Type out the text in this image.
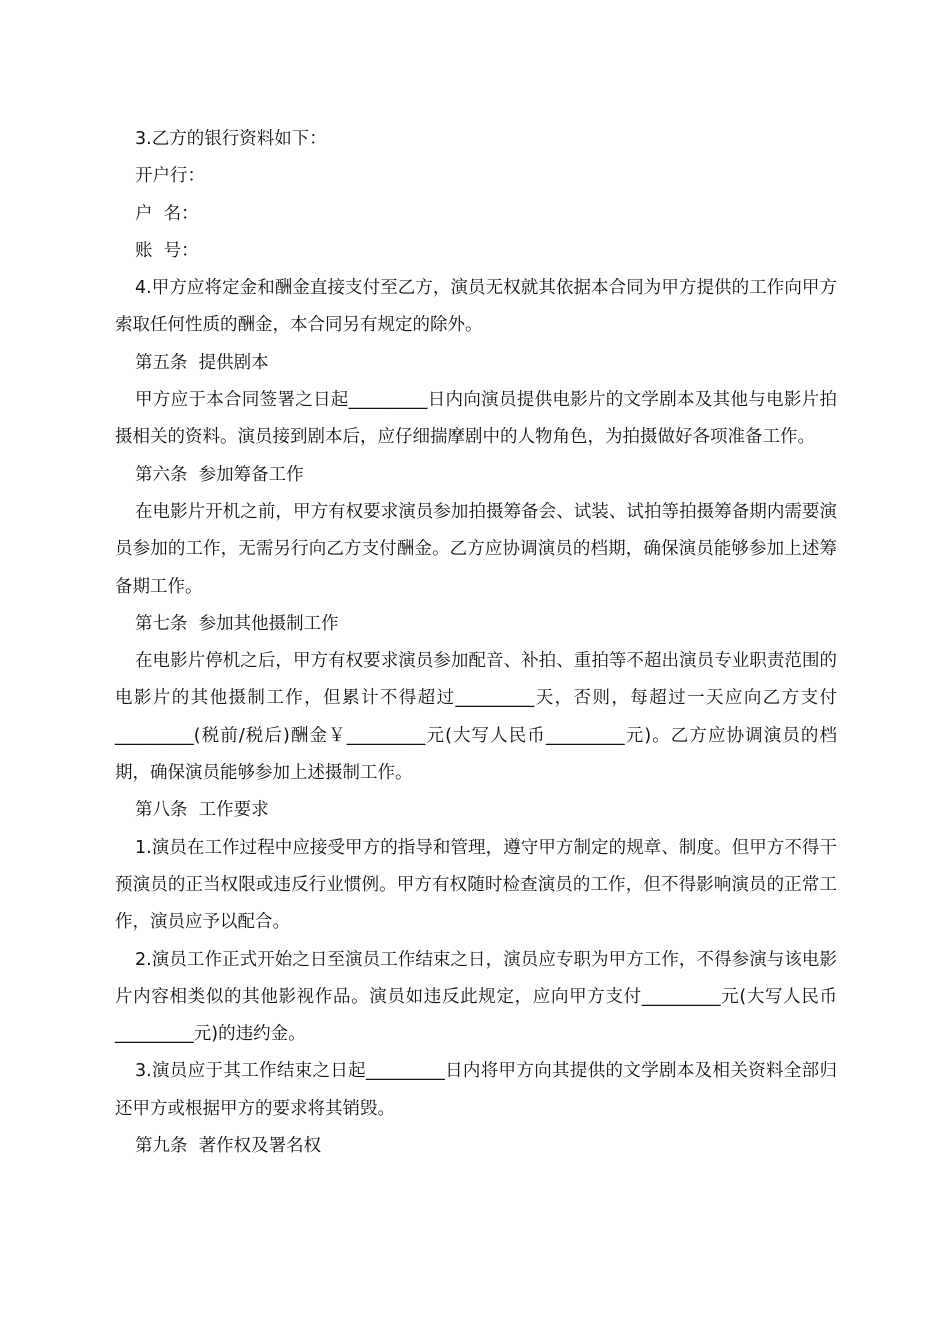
3.乙方的银行资料如下：

开户行：

户  名：

账  号：

4.甲方应将定金和酬金直接支付至乙方，演员无权就其依据本合同为甲方提供的工作向甲方索取任何性质的酬金，本合同另有规定的除外。

第五条  提供剧本

甲方应于本合同签署之日起_________日内向演员提供电影片的文学剧本及其他与电影片拍摄相关的资料。演员接到剧本后，应仔细揣摩剧中的人物角色，为拍摄做好各项准备工作。

第六条  参加筹备工作

在电影片开机之前，甲方有权要求演员参加拍摄筹备会、试装、试拍等拍摄筹备期内需要演员参加的工作，无需另行向乙方支付酬金。乙方应协调演员的档期，确保演员能够参加上述筹备期工作。

第七条  参加其他摄制工作

在电影片停机之后，甲方有权要求演员参加配音、补拍、重拍等不超出演员专业职责范围的电影片的其他摄制工作，但累计不得超过_________天，否则，每超过一天应向乙方支付_________(税前/税后)酬金￥_________元(大写人民币_________元)。乙方应协调演员的档期，确保演员能够参加上述摄制工作。

第八条  工作要求

1.演员在工作过程中应接受甲方的指导和管理，遵守甲方制定的规章、制度。但甲方不得干预演员的正当权限或违反行业惯例。甲方有权随时检查演员的工作，但不得影响演员的正常工作，演员应予以配合。

2.演员工作正式开始之日至演员工作结束之日，演员应专职为甲方工作，不得参演与该电影片内容相类似的其他影视作品。演员如违反此规定，应向甲方支付_________元(大写人民币_________元)的违约金。

3.演员应于其工作结束之日起_________日内将甲方向其提供的文学剧本及相关资料全部归还甲方或根据甲方的要求将其销毁。

第九条  著作权及署名权
